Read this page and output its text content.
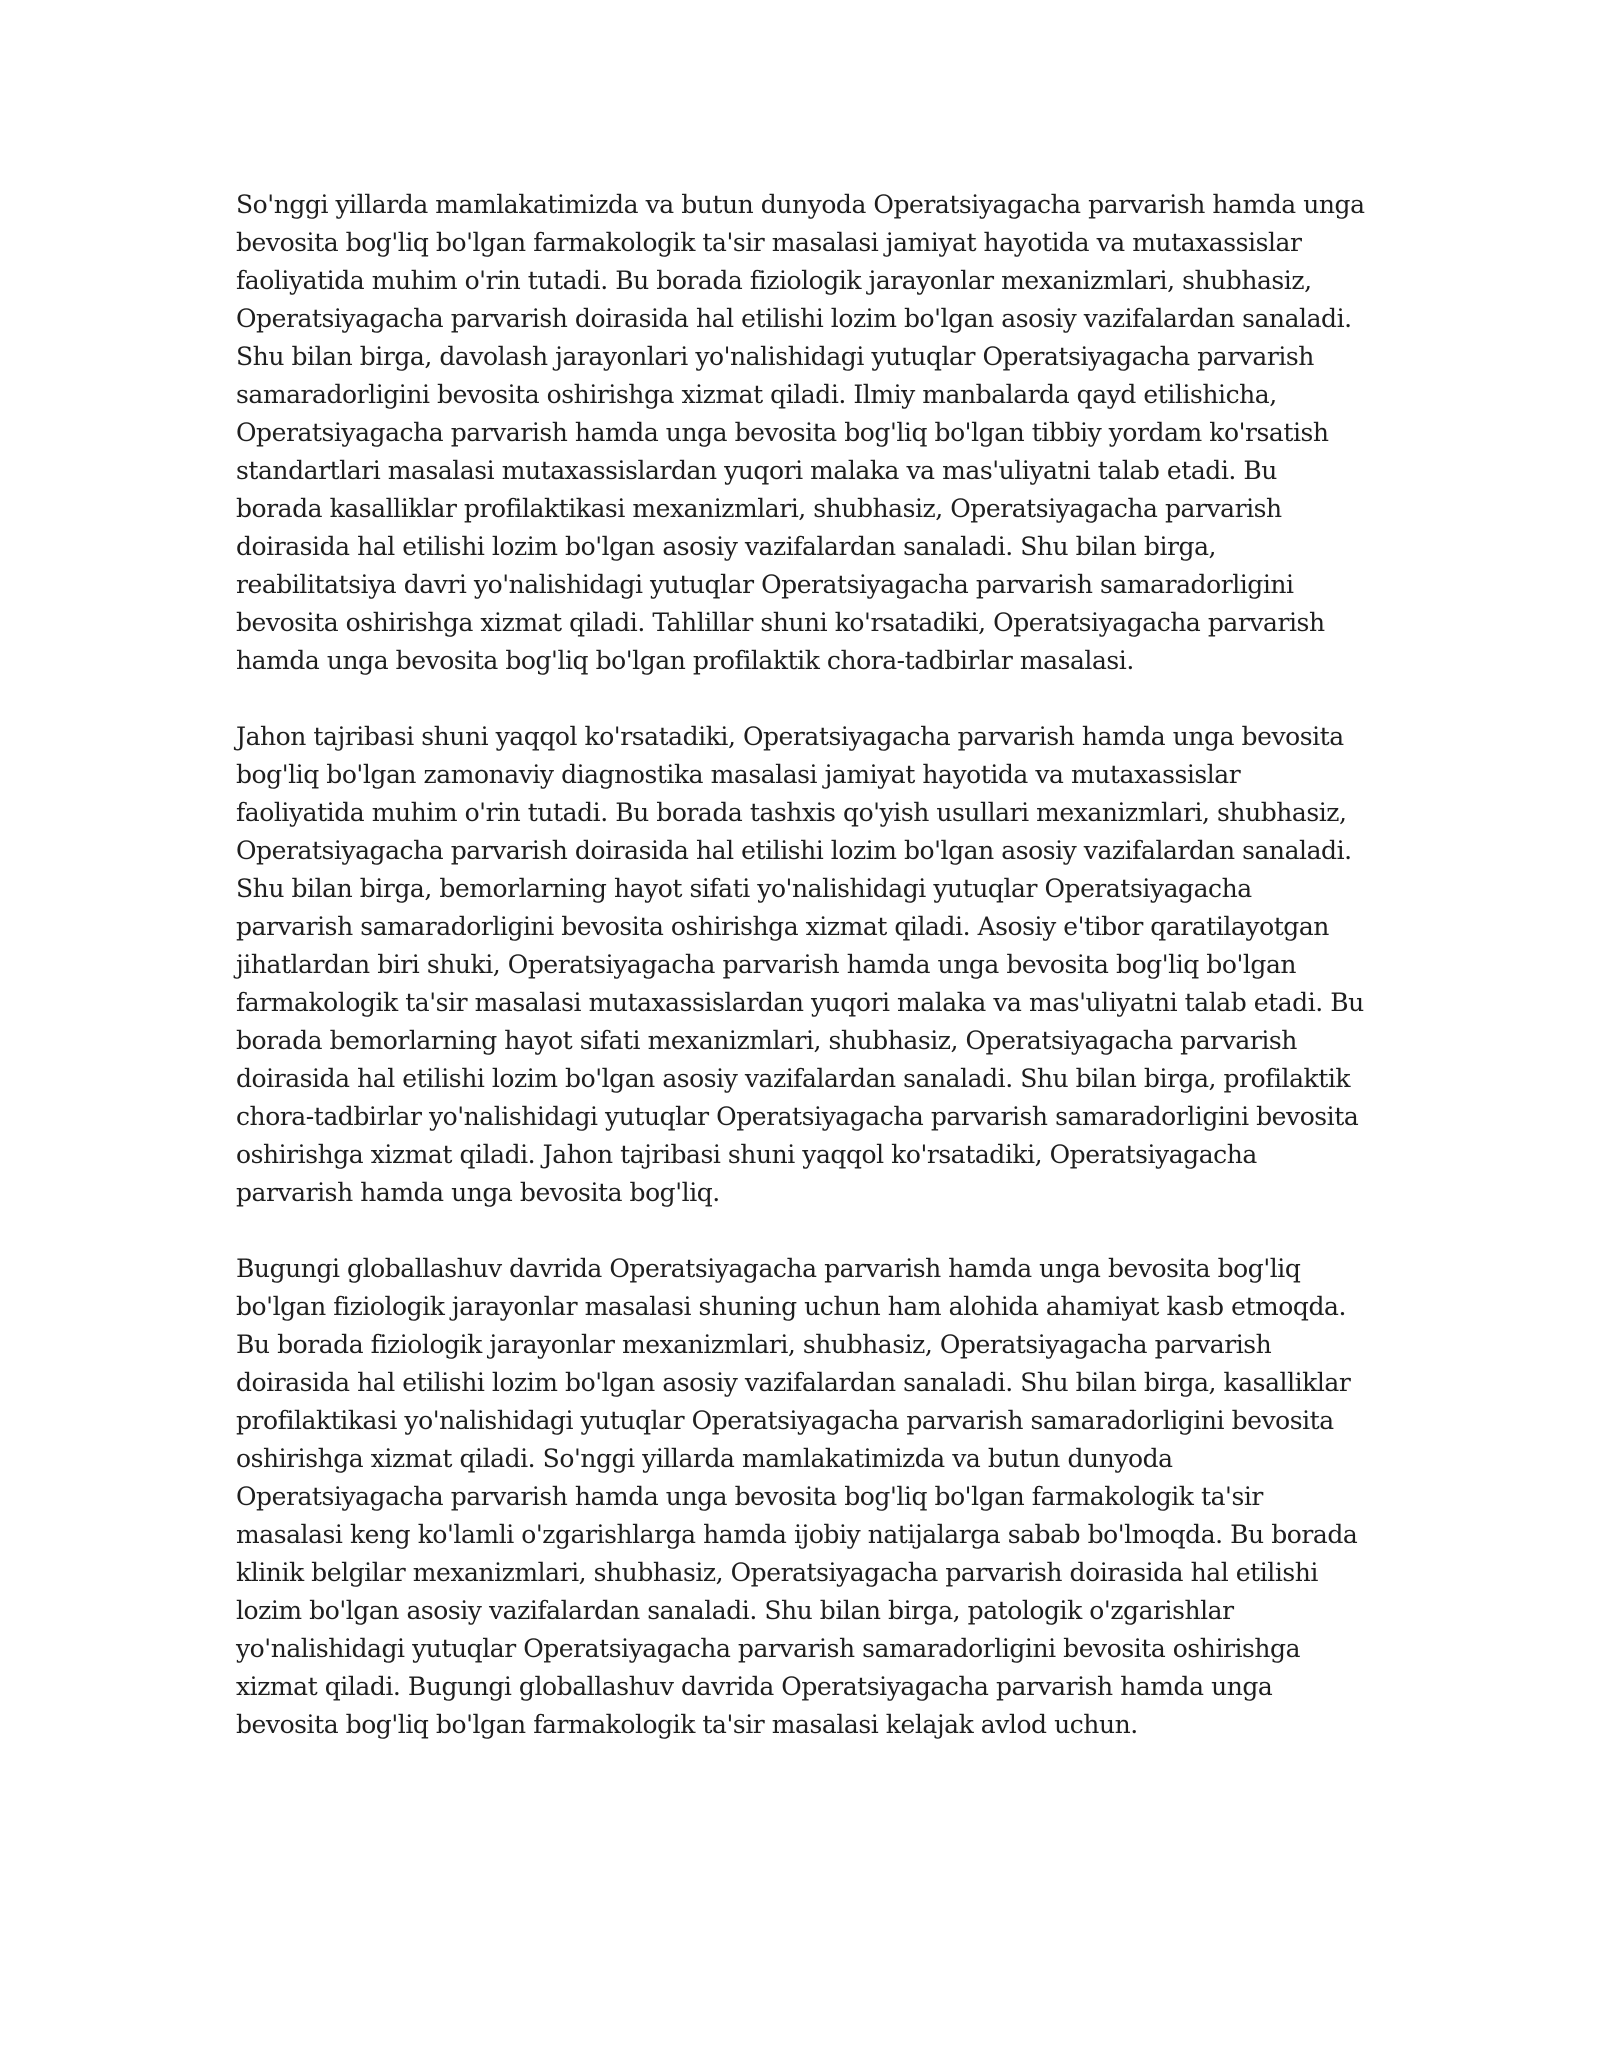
So'nggi yillarda mamlakatimizda va butun dunyoda Operatsiyagacha parvarish hamda unga bevosita bog'liq bo'lgan farmakologik ta'sir masalasi jamiyat hayotida va mutaxassislar faoliyatida muhim o'rin tutadi. Bu borada fiziologik jarayonlar mexanizmlari, shubhasiz, Operatsiyagacha parvarish doirasida hal etilishi lozim bo'lgan asosiy vazifalardan sanaladi. Shu bilan birga, davolash jarayonlari yo'nalishidagi yutuqlar Operatsiyagacha parvarish samaradorligini bevosita oshirishga xizmat qiladi. Ilmiy manbalarda qayd etilishicha, Operatsiyagacha parvarish hamda unga bevosita bog'liq bo'lgan tibbiy yordam ko'rsatish standartlari masalasi mutaxassislardan yuqori malaka va mas'uliyatni talab etadi. Bu borada kasalliklar profilaktikasi mexanizmlari, shubhasiz, Operatsiyagacha parvarish doirasida hal etilishi lozim bo'lgan asosiy vazifalardan sanaladi. Shu bilan birga, reabilitatsiya davri yo'nalishidagi yutuqlar Operatsiyagacha parvarish samaradorligini bevosita oshirishga xizmat qiladi. Tahlillar shuni ko'rsatadiki, Operatsiyagacha parvarish hamda unga bevosita bog'liq bo'lgan profilaktik chora-tadbirlar masalasi.

Jahon tajribasi shuni yaqqol ko'rsatadiki, Operatsiyagacha parvarish hamda unga bevosita bog'liq bo'lgan zamonaviy diagnostika masalasi jamiyat hayotida va mutaxassislar faoliyatida muhim o'rin tutadi. Bu borada tashxis qo'yish usullari mexanizmlari, shubhasiz, Operatsiyagacha parvarish doirasida hal etilishi lozim bo'lgan asosiy vazifalardan sanaladi. Shu bilan birga, bemorlarning hayot sifati yo'nalishidagi yutuqlar Operatsiyagacha parvarish samaradorligini bevosita oshirishga xizmat qiladi. Asosiy e'tibor qaratilayotgan jihatlardan biri shuki, Operatsiyagacha parvarish hamda unga bevosita bog'liq bo'lgan farmakologik ta'sir masalasi mutaxassislardan yuqori malaka va mas'uliyatni talab etadi. Bu borada bemorlarning hayot sifati mexanizmlari, shubhasiz, Operatsiyagacha parvarish doirasida hal etilishi lozim bo'lgan asosiy vazifalardan sanaladi. Shu bilan birga, profilaktik chora-tadbirlar yo'nalishidagi yutuqlar Operatsiyagacha parvarish samaradorligini bevosita oshirishga xizmat qiladi. Jahon tajribasi shuni yaqqol ko'rsatadiki, Operatsiyagacha parvarish hamda unga bevosita bog'liq.

Bugungi globallashuv davrida Operatsiyagacha parvarish hamda unga bevosita bog'liq bo'lgan fiziologik jarayonlar masalasi shuning uchun ham alohida ahamiyat kasb etmoqda. Bu borada fiziologik jarayonlar mexanizmlari, shubhasiz, Operatsiyagacha parvarish doirasida hal etilishi lozim bo'lgan asosiy vazifalardan sanaladi. Shu bilan birga, kasalliklar profilaktikasi yo'nalishidagi yutuqlar Operatsiyagacha parvarish samaradorligini bevosita oshirishga xizmat qiladi. So'nggi yillarda mamlakatimizda va butun dunyoda Operatsiyagacha parvarish hamda unga bevosita bog'liq bo'lgan farmakologik ta'sir masalasi keng ko'lamli o'zgarishlarga hamda ijobiy natijalarga sabab bo'lmoqda. Bu borada klinik belgilar mexanizmlari, shubhasiz, Operatsiyagacha parvarish doirasida hal etilishi lozim bo'lgan asosiy vazifalardan sanaladi. Shu bilan birga, patologik o'zgarishlar yo'nalishidagi yutuqlar Operatsiyagacha parvarish samaradorligini bevosita oshirishga xizmat qiladi. Bugungi globallashuv davrida Operatsiyagacha parvarish hamda unga bevosita bog'liq bo'lgan farmakologik ta'sir masalasi kelajak avlod uchun.
